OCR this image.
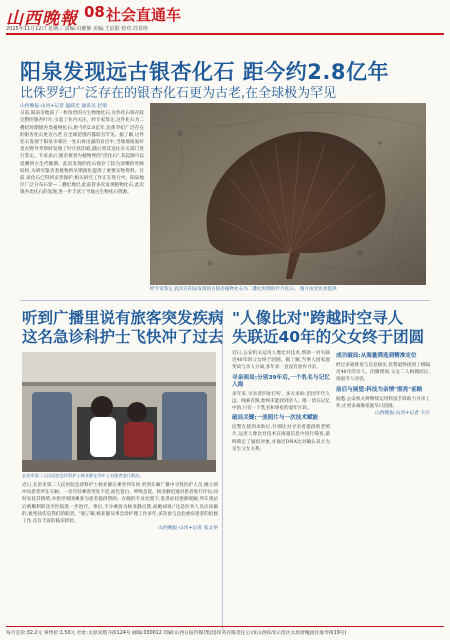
山西晚報 08 社会直通车
2025年11月12日 星期三 责编:冯雅静 美编:王辰阳 校对:苏春艳
阳泉发现远古银杏化石 距今约2.8亿年
比侏罗纪广泛存在的银杏化石更为古老,在全球极为罕见
山西晚报·山河+记者 温跃光 通讯员 赵瑞
日前,阳泉市地质了一枚珍贵的古生物地化石,这件化石保存较完整的银杏叶片,引起了业内关注。经专家鉴定,这件化石为二叠纪时期银杏类植物化石,距今约2.8亿年,比侏罗纪广泛存在的银杏化石更为古老,在全球范围内都较为罕见。据了解,这件化石发现于阳泉市郊区一处山体出露的岩层中,当地地质爱好者在野外考察时发现了叶片状印痕,随后将其送往有关部门进行鉴定。专家表示,银杏被誉为植物界的"活化石",其起源可以追溯到古生代晚期。此次发现的化石保存了较为清晰的叶脉结构,为研究银杏类植物的早期演化提供了重要实物资料。目前,该化石已得到妥善保护,相关研究工作正在进行中。阳泉地区广泛分布石炭—二叠纪地层,此前曾多次发现植物化石,此次银杏类化石的发现,进一步丰富了当地古生物化石资源。
经专家鉴定,此次在阳泉发现的古银杏植物化石为二叠纪时期的叶片化石。 图片由受访者提供
听到广播里说有旅客突发疾病
这名急诊科护士飞快冲了过去
长治市第二人民医院急诊科护士杨亚静在列车上对患者进行救治。
近日,长治市第二人民医院急诊科护士杨亚静在乘坐列车时,听到车厢广播中寻找医护人员,她立即冲向患者所在车厢。一名年轻乘客突发不适,面色苍白、呼吸急促。杨亚静迅速对患者进行评估,同时安抚其情绪,并指导周围乘客为患者提供帮助。在她的专业处置下,患者症状逐渐缓解,列车到站后被顺利转送至医院进一步治疗。事后,不少乘客为杨亚静点赞,而她却说:"这是医务人员应该做的,救死扶伤是我们的职责。"据了解,杨亚静从事急诊护理工作多年,多次参与急危重症患者的抢救工作,具有丰富的临床经验。
山西晚报·山河+记者 张文举
"人像比对"跨越时空寻人
失联近40年的父女终于团圆
近日,公安机关运用人像比对技术,帮助一对失联近40年的父女终于团圆。据了解,当事人因家庭变故与亲人分离,多年来一直没有放弃寻亲。
寻亲困局:分别39年后,一个乳名与记忆入海
多年来,寻亲者四处打听、多方求助,但因年代久远、线索有限,始终未能找到亲人。唯一留在记忆中的,只有一个乳名和零星的童年片段。
破局关键:一张照片与一次技术赋能
民警在接到求助后,仔细比对寻亲者提供的老照片,运用人像比对技术在海量信息中进行筛查,最终锁定了疑似对象,并通过DNA比对确认双方为亲生父女关系。
成功破局:从海量筛选到精准定位
经过多轮排查与信息核实,民警最终找到了相隔近40年的亲人。团聚现场,父女二人相拥而泣,场面令人动容。
前后与展望:科技为亲情"照亮"前路
据悉,公安机关将继续运用科技手段助力寻亲工作,让更多离散家庭早日团圆。
山西晚报·山河+记者 辛庄
每月定价:32.2元 零售价:1.50元 社址:太原双塔寺街124号 邮编:030012 印刷:山西日报传媒(集团)印务有限责任公司(山西综改示范区太原唐槐园区康寿街19号)
